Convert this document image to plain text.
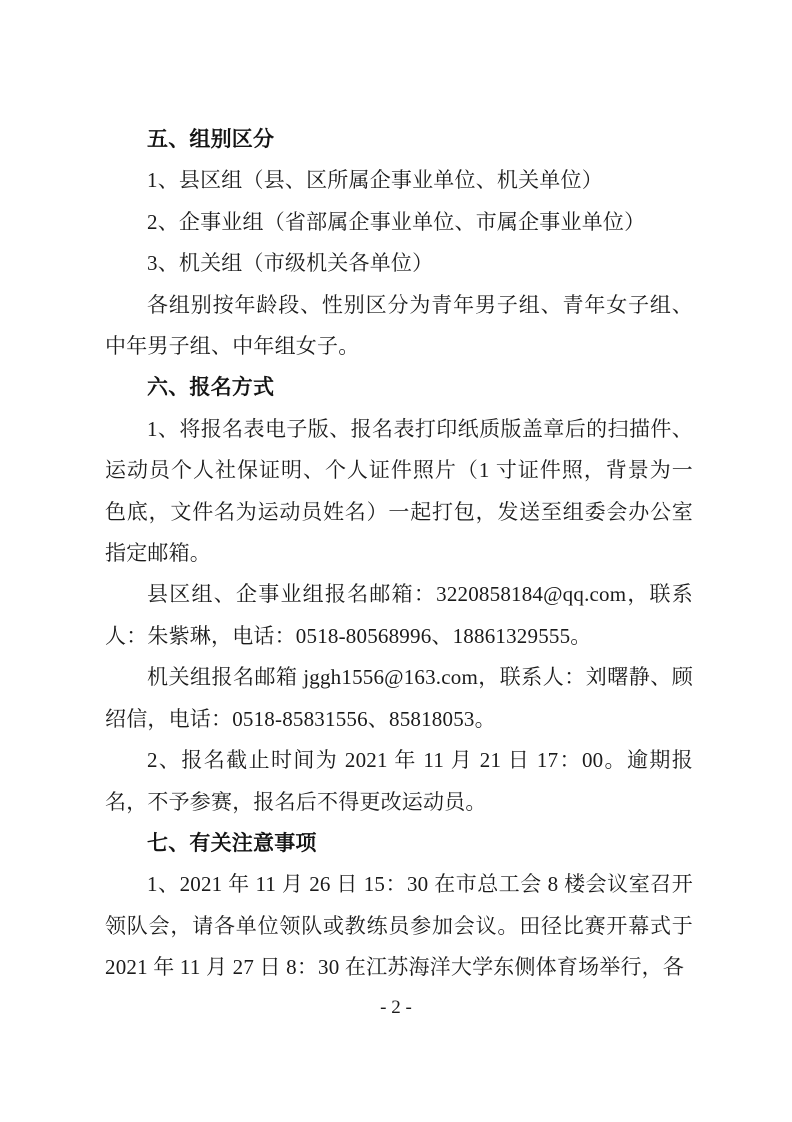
五、组别区分

1、县区组（县、区所属企事业单位、机关单位）

2、企事业组（省部属企事业单位、市属企事业单位）

3、机关组（市级机关各单位）

各组别按年龄段、性别区分为青年男子组、青年女子组、中年男子组、中年组女子。

六、报名方式

1、将报名表电子版、报名表打印纸质版盖章后的扫描件、运动员个人社保证明、个人证件照片（1 寸证件照，背景为一色底，文件名为运动员姓名）一起打包，发送至组委会办公室指定邮箱。

县区组、企事业组报名邮箱：3220858184@qq.com，联系人：朱紫琳，电话：0518-80568996、18861329555。

机关组报名邮箱 jggh1556@163.com，联系人：刘曙静、顾绍信，电话：0518-85831556、85818053。

2、报名截止时间为 2021 年 11 月 21 日 17：00。逾期报名，不予参赛，报名后不得更改运动员。

七、有关注意事项

1、2021 年 11 月 26 日 15：30 在市总工会 8 楼会议室召开领队会，请各单位领队或教练员参加会议。田径比赛开幕式于 2021 年 11 月 27 日 8：30 在江苏海洋大学东侧体育场举行，各

- 2 -
